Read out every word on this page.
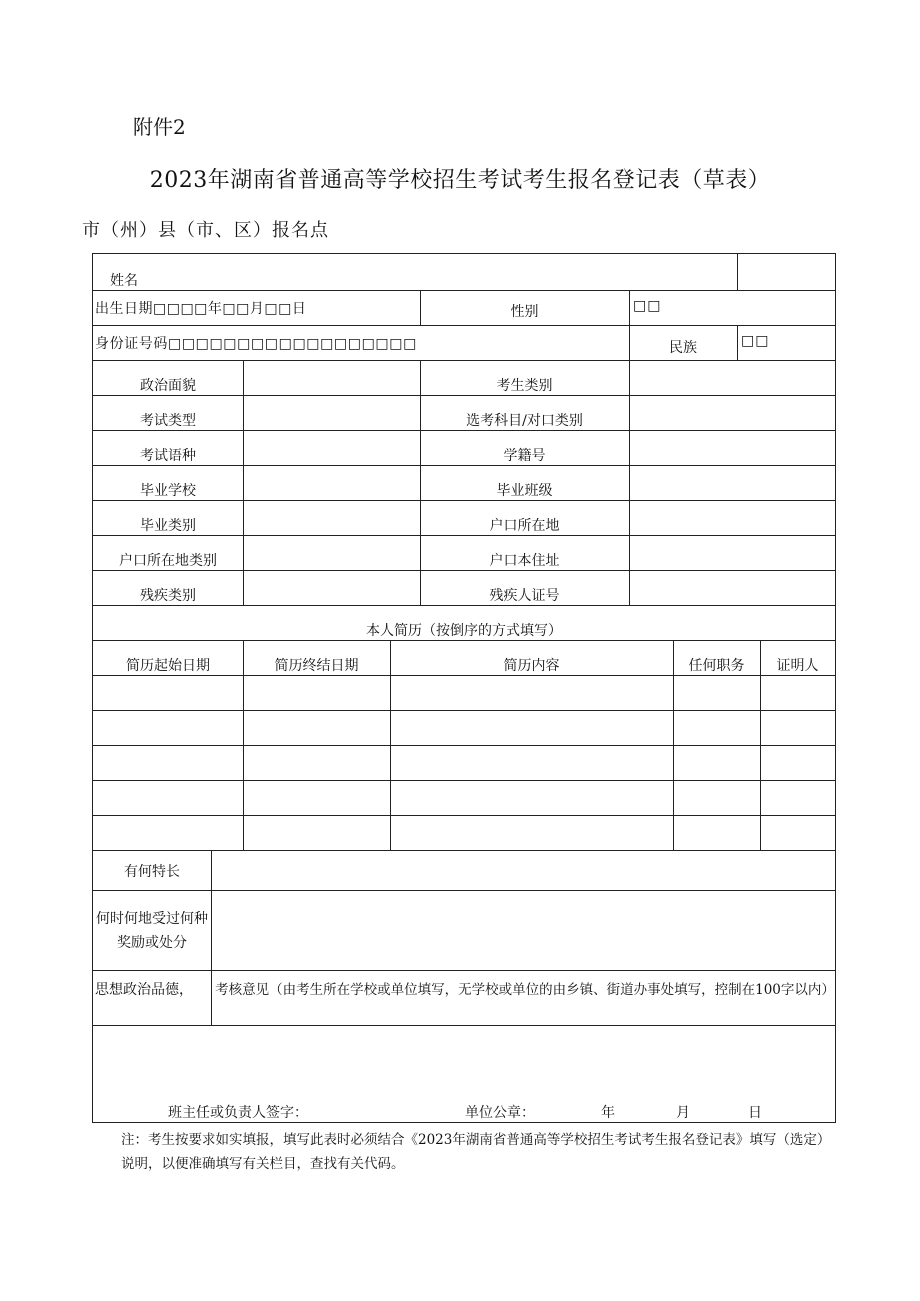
附件2
2023年湖南省普通高等学校招生考试考生报名登记表（草表）
市（州）县（市、区）报名点
姓名
出生日期□□□□年□□月□□日	性别	□□
身份证号码□□□□□□□□□□□□□□□□□□	民族	□□
政治面貌	考生类别
考试类型	选考科目/对口类别
考试语种	学籍号
毕业学校	毕业班级
毕业类别	户口所在地
户口所在地类别	户口本住址
残疾类别	残疾人证号
本人简历（按倒序的方式填写）
简历起始日期	简历终结日期	简历内容	任何职务	证明人
有何特长
何时何地受过何种奖励或处分
思想政治品德， 考核意见（由考生所在学校或单位填写，无学校或单位的由乡镇、街道办事处填写，控制在100字以内）
班主任或负责人签字：	单位公章：	年	月	日
注：考生按要求如实填报，填写此表时必须结合《2023年湖南省普通高等学校招生考试考生报名登记表》填写（选定）说明，以便准确填写有关栏目，查找有关代码。
